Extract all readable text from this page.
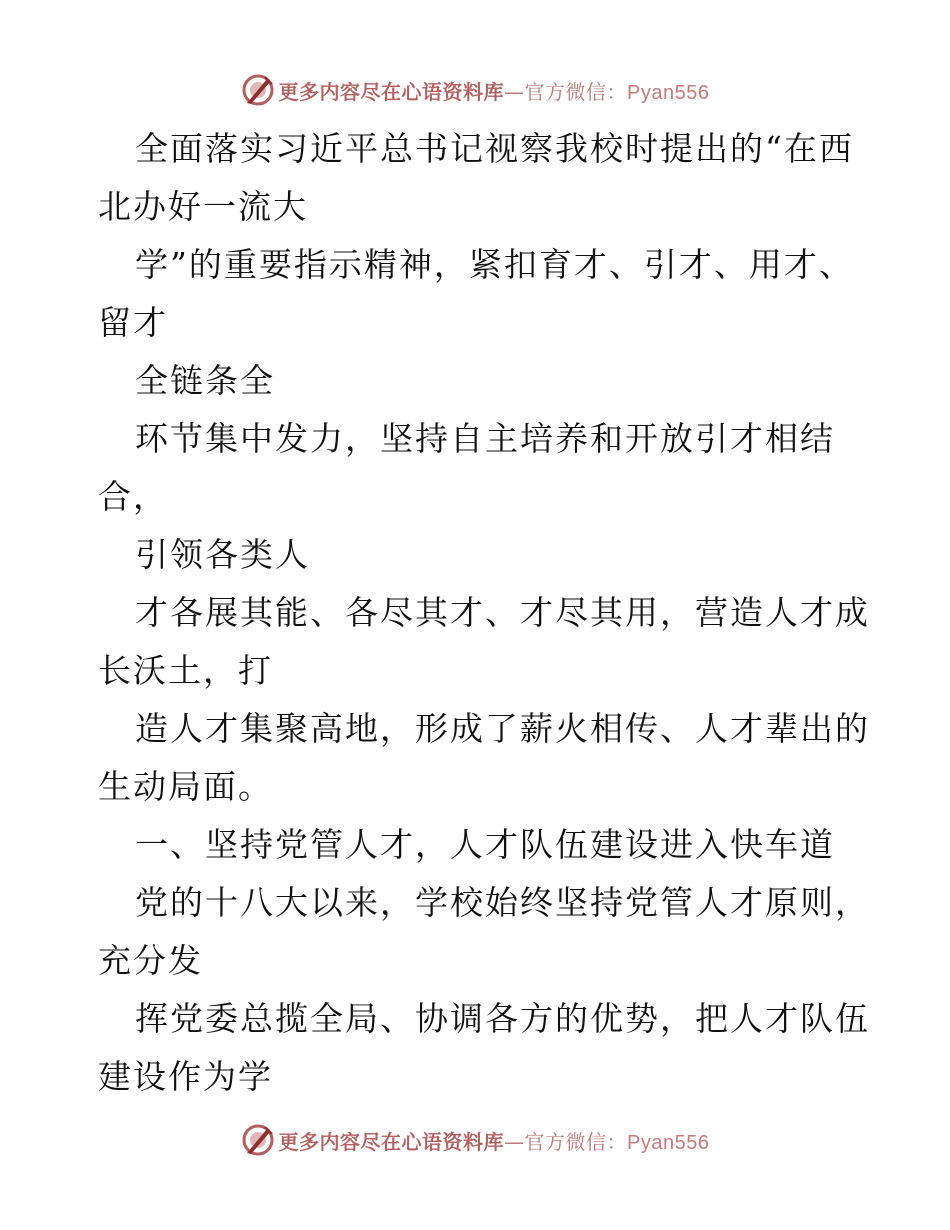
更多内容尽在心语资料库—官方微信：Pyan556
全面落实习近平总书记视察我校时提出的“在西
北办好一流大
学”的重要指示精神，紧扣育才、引才、用才、
留才
全链条全
环节集中发力，坚持自主培养和开放引才相结
合，
引领各类人
才各展其能、各尽其才、才尽其用，营造人才成
长沃土，打
造人才集聚高地，形成了薪火相传、人才辈出的
生动局面。
一、坚持党管人才，人才队伍建设进入快车道
党的十八大以来，学校始终坚持党管人才原则，
充分发
挥党委总揽全局、协调各方的优势，把人才队伍
建设作为学
更多内容尽在心语资料库—官方微信：Pyan556
